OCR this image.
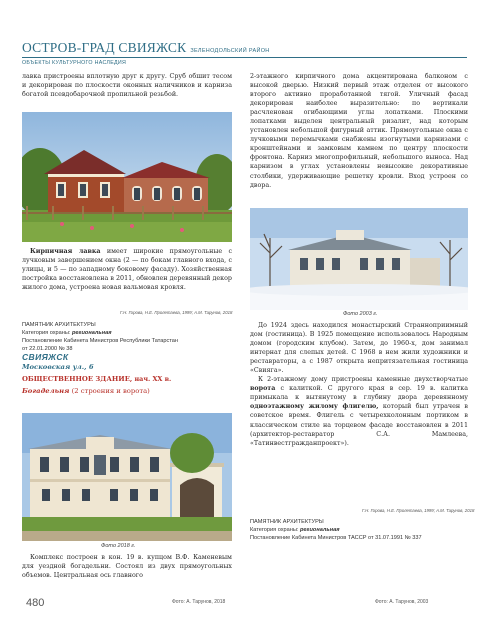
ОСТРОВ-ГРАД СВИЯЖСК ЗЕЛЕНОДОЛЬСКИЙ РАЙОН
ОБЪЕКТЫ КУЛЬТУРНОГО НАСЛЕДИЯ

лавка пристроены вплотную друг к другу. Сруб обшит тесом и декорирован по плоскости оконных наличников и карниза богатой псевдобарочной пропильной резьбой.

Кирпичная лавка имеет широкие прямоугольные с лучковым завершением окна (2 — по бокам главного входа, с улицы, и 5 — по западному боковому фасаду). Хозяйственная постройка восстановлена в 2011, обновлен деревянный декор жилого дома, устроена новая вальмовая кровля.

Г.Н. Горова, Н.Е. Пролетаева, 1999; А.М. Тарунов, 2018
ПАМЯТНИК АРХИТЕКТУРЫ
Категория охраны: региональная
Постановление Кабинета Министров Республики Татарстан
от 22.01.2000 № 38
СВИЯЖСК
Московская ул., 6
ОБЩЕСТВЕННОЕ ЗДАНИЕ, нач. XX в.
Богадельня (2 строения и ворота)
Фото 2018 г.

Комплекс построен в кон. 19 в. купцом В.Ф. Каменевым для уездной богадельни. Состоял из двух прямоугольных объемов. Центральная ось главного

2-этажного кирпичного дома акцентирована балконом с высокой дверью. Низкий первый этаж отделен от высокого второго активно проработанной тягой. Уличный фасад декорирован наиболее выразительно: по вертикали расчленован огибающими углы лопатками. Плоскими лопатками выделен центральный ризалит, над которым установлен небольшой фигурный аттик. Прямоугольные окна с лучковыми перемычками снабжены изогнутыми карнизами с кронштейнами и замковым камнем по центру плоскости фронтона. Карниз многопрофильный, небольшого выноса. Над карнизом в углах установлены невысокие декоративные столбики, удерживающие решетку кровли. Вход устроен со двора.

Фото 2003 г.

До 1924 здесь находился монастырский Странноприимный дом (гостиница). В 1925 помещение использовалось Народным домом (городским клубом). Затем, до 1960-х, дом занимал интернат для слепых детей. С 1968 в нем жили художники и реставраторы, а с 1987 открыта непритязательная гостиница «Свияга».

К 2-этажному дому пристроены каменные двухстворчатые ворота с калиткой. С другого края в сер. 19 в. калитка примыкала к вытянутому в глубину двора деревянному одноэтажному жилому флигелю, который был утрачен в советское время. Флигель с четырехколонным портиком в классическом стиле на торцевом фасаде восстановлен в 2011 (архитектор-реставратор С.А. Мамлеева, «Татинвестгражданпроект»).

Г.Н. Горова, Н.Е. Пролетаева, 1999; А.М. Тарунов, 2018
ПАМЯТНИК АРХИТЕКТУРЫ
Категория охраны: региональная
Постановление Кабинета Министров ТАССР от 31.07.1991 № 337
480	Фото: А. Тарунов, 2018	Фото: А. Тарунов, 2003
